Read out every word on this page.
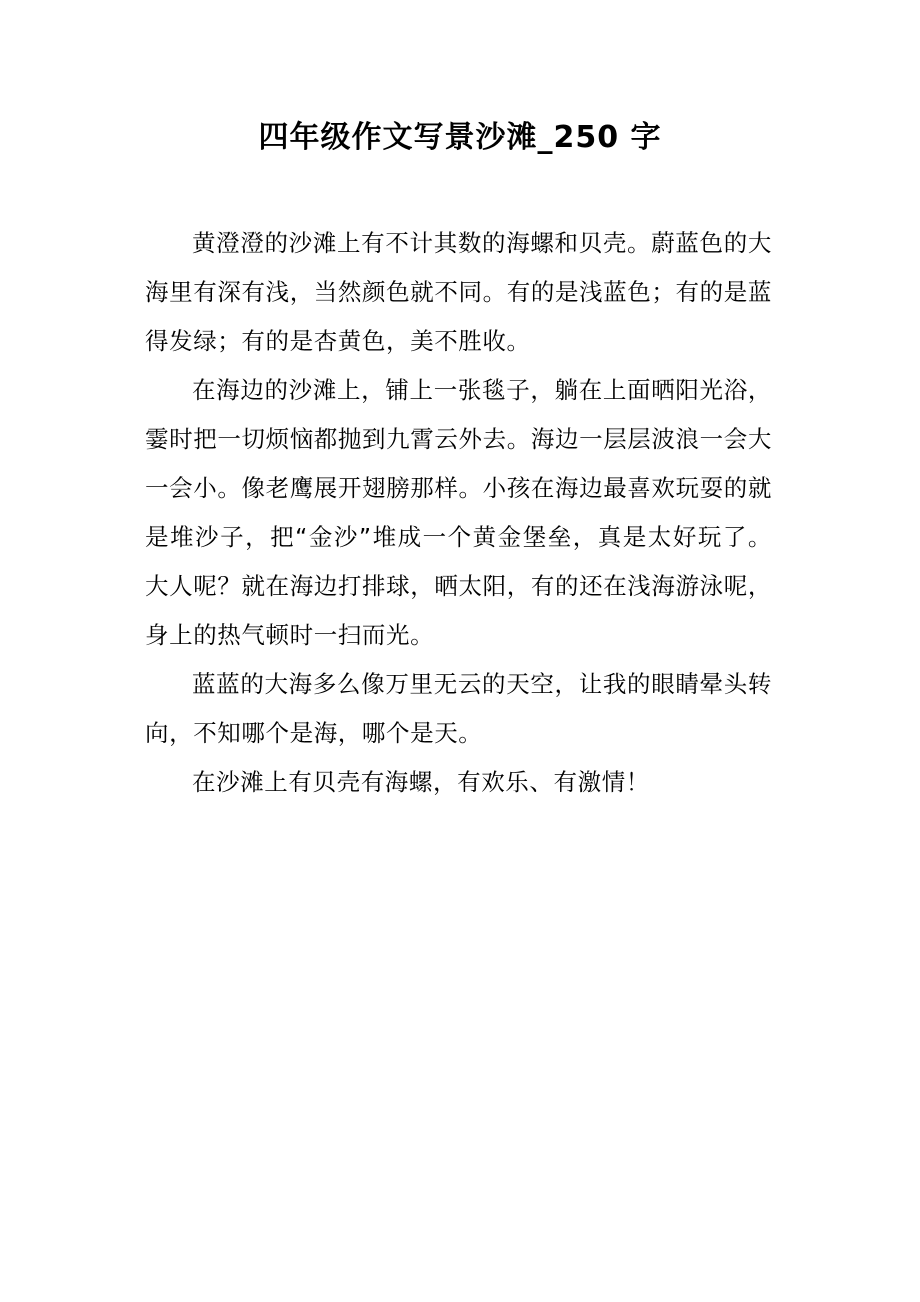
四年级作文写景沙滩_250 字

黄澄澄的沙滩上有不计其数的海螺和贝壳。蔚蓝色的大海里有深有浅，当然颜色就不同。有的是浅蓝色；有的是蓝得发绿；有的是杏黄色，美不胜收。

在海边的沙滩上，铺上一张毯子，躺在上面晒阳光浴，霎时把一切烦恼都抛到九霄云外去。海边一层层波浪一会大一会小。像老鹰展开翅膀那样。小孩在海边最喜欢玩耍的就是堆沙子，把“金沙”堆成一个黄金堡垒，真是太好玩了。大人呢？就在海边打排球，晒太阳，有的还在浅海游泳呢，身上的热气顿时一扫而光。

蓝蓝的大海多么像万里无云的天空，让我的眼睛晕头转向，不知哪个是海，哪个是天。

在沙滩上有贝壳有海螺，有欢乐、有激情！
